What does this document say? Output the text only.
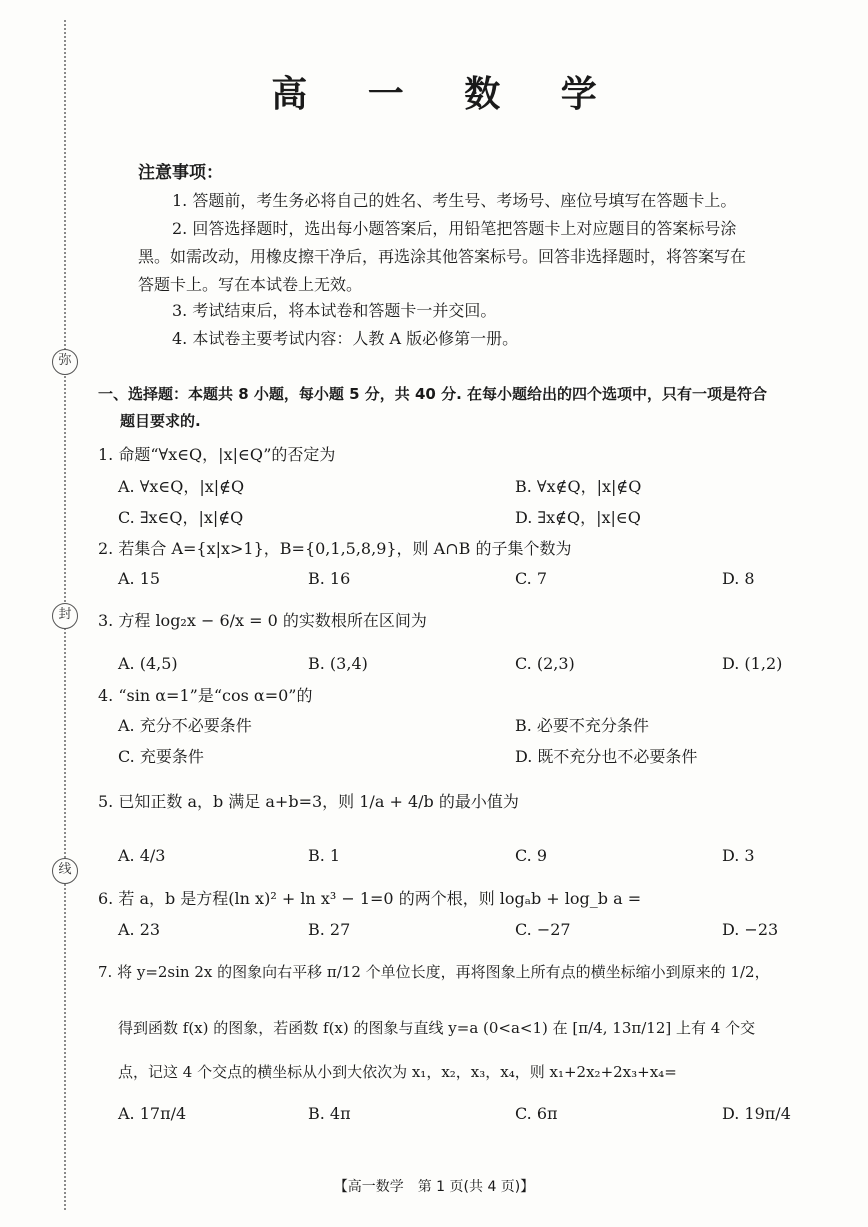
弥
封
线
高 一 数 学
注意事项：
1. 答题前，考生务必将自己的姓名、考生号、考场号、座位号填写在答题卡上。
2. 回答选择题时，选出每小题答案后，用铅笔把答题卡上对应题目的答案标号涂
黑。如需改动，用橡皮擦干净后，再选涂其他答案标号。回答非选择题时，将答案写在
答题卡上。写在本试卷上无效。
3. 考试结束后，将本试卷和答题卡一并交回。
4. 本试卷主要考试内容：人教 A 版必修第一册。
一、选择题：本题共 8 小题，每小题 5 分，共 40 分. 在每小题给出的四个选项中，只有一项是符合
题目要求的.
1. 命题“∀x∈Q，|x|∈Q”的否定为
A. ∀x∈Q，|x|∉Q	B. ∀x∉Q，|x|∉Q
C. ∃x∈Q，|x|∉Q	D. ∃x∉Q，|x|∈Q
2. 若集合 A={x|x>1}，B={0,1,5,8,9}，则 A∩B 的子集个数为
A. 15	B. 16	C. 7	D. 8
3. 方程 log₂x − 6/x = 0 的实数根所在区间为
A. (4,5)	B. (3,4)	C. (2,3)	D. (1,2)
4. “sin α=1”是“cos α=0”的
A. 充分不必要条件	B. 必要不充分条件
C. 充要条件	D. 既不充分也不必要条件
5. 已知正数 a，b 满足 a+b=3，则 1/a + 4/b 的最小值为
A. 4/3	B. 1	C. 9	D. 3
6. 若 a，b 是方程(ln x)² + ln x³ − 1=0 的两个根，则 logₐb + log_b a =
A. 23	B. 27	C. −27	D. −23
7. 将 y=2sin 2x 的图象向右平移 π/12 个单位长度，再将图象上所有点的横坐标缩小到原来的 1/2，
得到函数 f(x) 的图象，若函数 f(x) 的图象与直线 y=a (0<a<1) 在 [π/4, 13π/12] 上有 4 个交
点，记这 4 个交点的横坐标从小到大依次为 x₁，x₂，x₃，x₄，则 x₁+2x₂+2x₃+x₄=
A. 17π/4	B. 4π	C. 6π	D. 19π/4
【高一数学　第 1 页(共 4 页)】
